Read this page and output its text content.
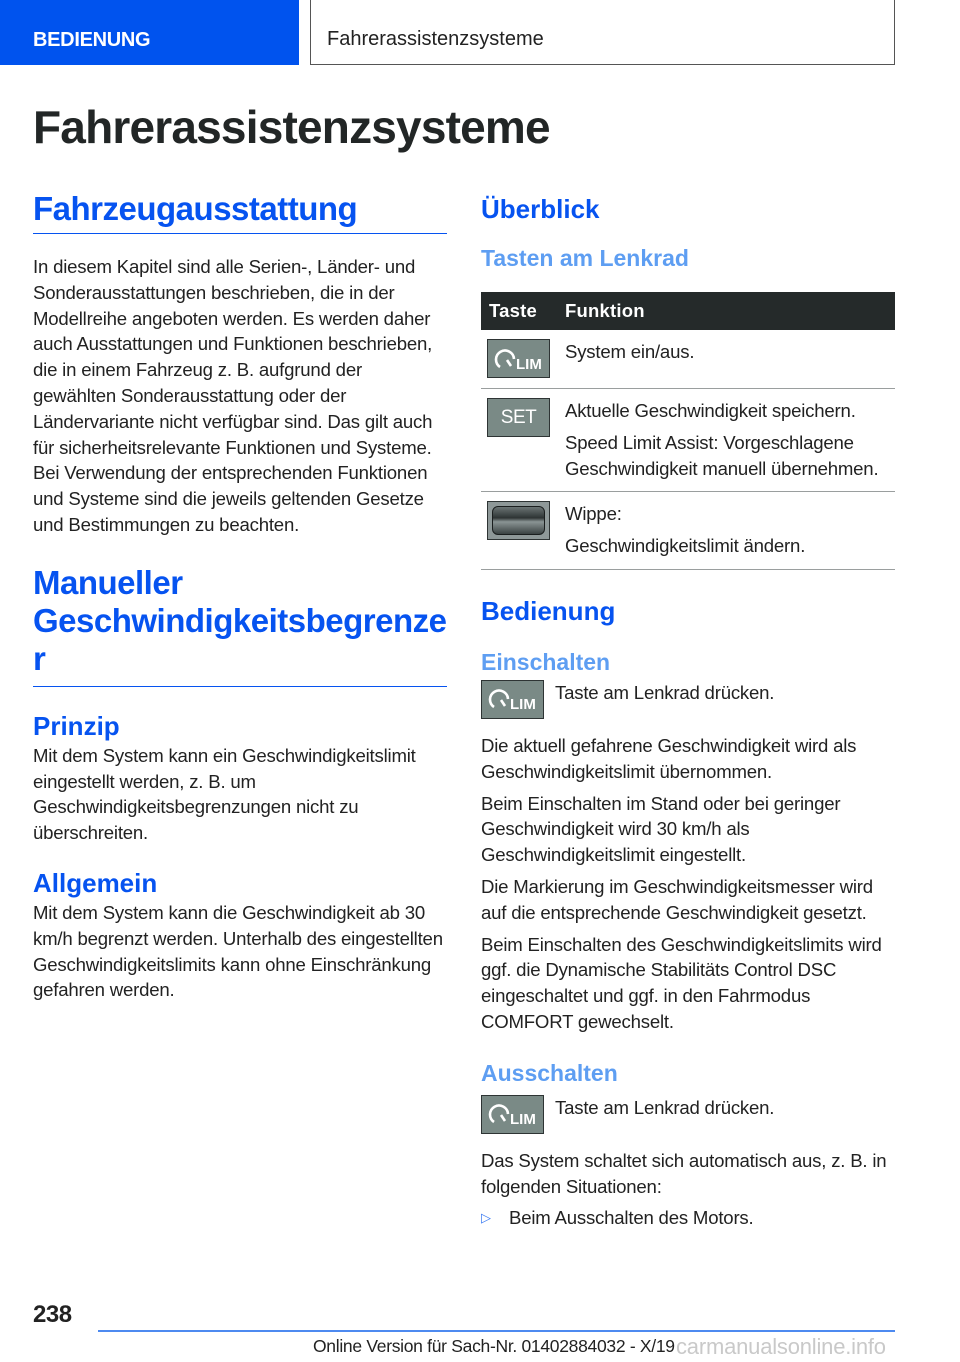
BEDIENUNG	Fahrerassistenzsysteme
Fahrerassistenzsysteme
Fahrzeugausstattung

In diesem Kapitel sind alle Serien-, Länder- und Sonderausstattungen beschrieben, die in der Modellreihe angeboten werden. Es werden daher auch Ausstattungen und Funktionen beschrieben, die in einem Fahrzeug z. B. aufgrund der gewählten Sonderausstattung oder der Ländervariante nicht verfügbar sind. Das gilt auch für sicherheitsrelevante Funktionen und Systeme. Bei Verwendung der entsprechenden Funktionen und Systeme sind die jeweils geltenden Gesetze und Bestimmungen zu beachten.

Manueller
Geschwindigkeitsbegrenze
r
Prinzip

Mit dem System kann ein Geschwindigkeitslimit eingestellt werden, z. B. um Geschwindigkeitsbegrenzungen nicht zu überschreiten.

Allgemein

Mit dem System kann die Geschwindigkeit ab 30 km/h begrenzt werden. Unterhalb des eingestellten Geschwindigkeitslimits kann ohne Einschränkung gefahren werden.

Überblick
Tasten am Lenkrad
Taste	Funktion

LIM	System ein/aus.

SET	Aktuelle Geschwindigkeit speichern.

Speed Limit Assist: Vorgeschlagene Geschwindigkeit manuell übernehmen.

	Wippe:

Geschwindigkeitslimit ändern.

Bedienung
Einschalten
LIM

Taste am Lenkrad drücken.

Die aktuell gefahrene Geschwindigkeit wird als Geschwindigkeitslimit übernommen.

Beim Einschalten im Stand oder bei geringer Geschwindigkeit wird 30 km/h als Geschwindigkeitslimit eingestellt.

Die Markierung im Geschwindigkeitsmesser wird auf die entsprechende Geschwindigkeit gesetzt.

Beim Einschalten des Geschwindigkeitslimits wird ggf. die Dynamische Stabilitäts Control DSC eingeschaltet und ggf. in den Fahrmodus COMFORT gewechselt.

Ausschalten
LIM

Taste am Lenkrad drücken.

Das System schaltet sich automatisch aus, z. B. in folgenden Situationen:

▷ Beim Ausschalten des Motors.

238
Online Version für Sach-Nr. 01402884032 - X/19 carmanualsonline.info
